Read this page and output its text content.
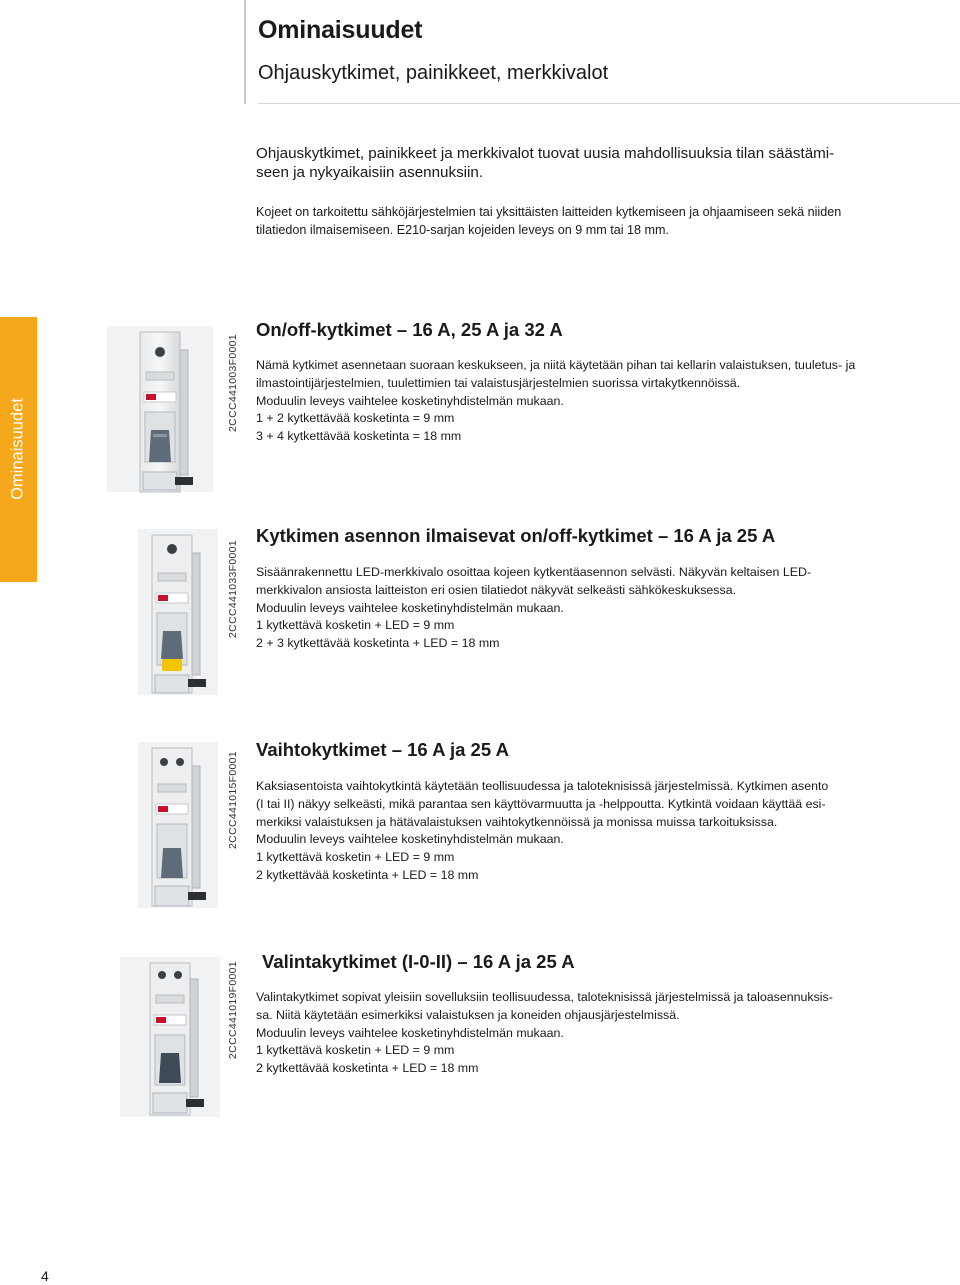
Ominaisuudet
Ohjauskytkimet, painikkeet, merkkivalot
Ohjauskytkimet, painikkeet ja merkkivalot tuovat uusia mahdollisuuksia tilan säästämi-
seen ja nykyaikaisiin asennuksiin.
Kojeet on tarkoitettu sähköjärjestelmien tai yksittäisten laitteiden kytkemiseen ja ohjaamiseen sekä niiden
tilatiedon ilmaisemiseen. E210-sarjan kojeiden leveys on 9 mm tai 18 mm.
Ominaisuudet
2CCC441003F0001
On/off-kytkimet – 16 A, 25 A ja 32 A

Nämä kytkimet asennetaan suoraan keskukseen, ja niitä käytetään pihan tai kellarin valaistuksen, tuuletus- ja

ilmastointijärjestelmien, tuulettimien tai valaistusjärjestelmien suorissa virtakytkennöissä.

Moduulin leveys vaihtelee kosketinyhdistelmän mukaan.

1 + 2 kytkettävää kosketinta = 9 mm

3 + 4 kytkettävää kosketinta = 18 mm

2CCC441033F0001
Kytkimen asennon ilmaisevat on/off-kytkimet – 16 A ja 25 A

Sisäänrakennettu LED-merkkivalo osoittaa kojeen kytkentäasennon selvästi. Näkyvän keltaisen LED-

merkkivalon ansiosta laitteiston eri osien tilatiedot näkyvät selkeästi sähkökeskuksessa.

Moduulin leveys vaihtelee kosketinyhdistelmän mukaan.

1 kytkettävä kosketin + LED = 9 mm

2 + 3 kytkettävää kosketinta + LED = 18 mm

2CCC441015F0001
Vaihtokytkimet – 16 A ja 25 A

Kaksiasentoista vaihtokytkintä käytetään teollisuudessa ja taloteknisissä järjestelmissä. Kytkimen asento

(I tai II) näkyy selkeästi, mikä parantaa sen käyttövarmuutta ja -helppoutta. Kytkintä voidaan käyttää esi-

merkiksi valaistuksen ja hätävalaistuksen vaihtokytkennöissä ja monissa muissa tarkoituksissa.

Moduulin leveys vaihtelee kosketinyhdistelmän mukaan.

1 kytkettävä kosketin + LED = 9 mm

2 kytkettävää kosketinta + LED = 18 mm

2CCC441019F0001 Valintakytkimet (I-0-II) – 16 A ja 25 A

Valintakytkimet sopivat yleisiin sovelluksiin teollisuudessa, taloteknisissä järjestelmissä ja taloasennuksis-

sa. Niitä käytetään esimerkiksi valaistuksen ja koneiden ohjausjärjestelmissä.

Moduulin leveys vaihtelee kosketinyhdistelmän mukaan.

1 kytkettävä kosketin + LED = 9 mm

2 kytkettävää kosketinta + LED = 18 mm

4
